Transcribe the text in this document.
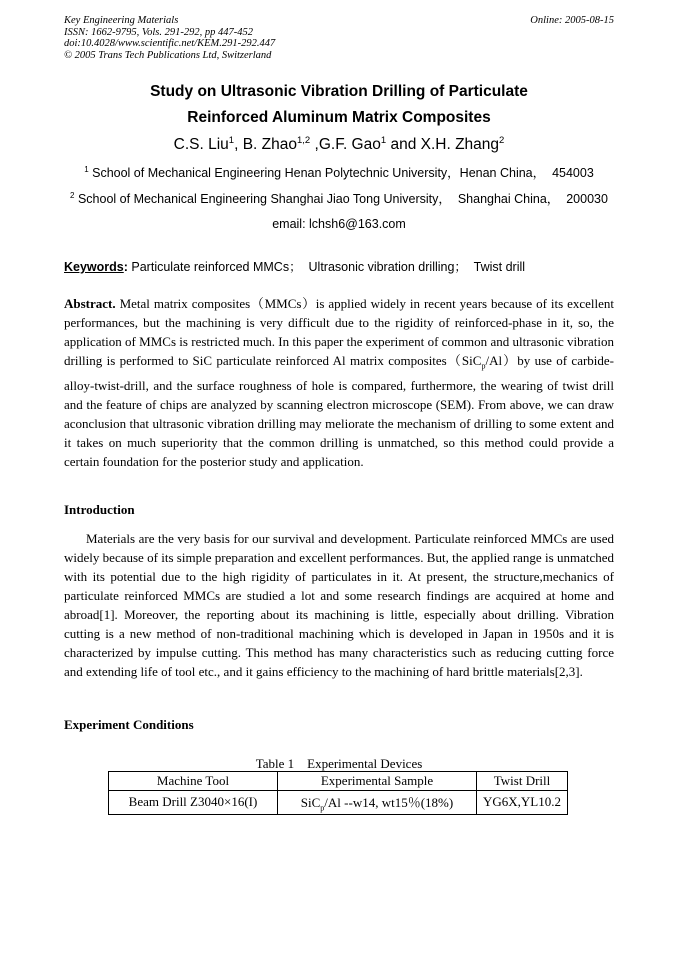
Key Engineering Materials
ISSN: 1662-9795, Vols. 291-292, pp 447-452
doi:10.4028/www.scientific.net/KEM.291-292.447
© 2005 Trans Tech Publications Ltd, Switzerland
Online: 2005-08-15
Study on Ultrasonic Vibration Drilling of Particulate
Reinforced Aluminum Matrix Composites
C.S. Liu$^1$, B. Zhao$^{1,2}$ ,G.F. Gao$^1$ and X.H. Zhang$^2$
$^1$ School of Mechanical Engineering Henan Polytechnic University，Henan China，  454003
$^2$ School of Mechanical Engineering Shanghai Jiao Tong University，  Shanghai China，  200030
email: lchsh6@163.com
Keywords: Particulate reinforced MMCs；  Ultrasonic vibration drilling；  Twist drill
Abstract. Metal matrix composites（MMCs）is applied widely in recent years because of its excellent performances, but the machining is very difficult due to the rigidity of reinforced-phase in it, so, the application of MMCs is restricted much. In this paper the experiment of common and ultrasonic vibration drilling is performed to SiC particulate reinforced Al matrix composites（SiC$_p$/Al）by use of carbide-alloy-twist-drill, and the surface roughness of hole is compared, furthermore, the wearing of twist drill and the feature of chips are analyzed by scanning electron microscope (SEM). From above, we can draw aconclusion that ultrasonic vibration drilling may meliorate the mechanism of drilling to some extent and it takes on much superiority that the common drilling is unmatched, so this method could provide a certain foundation for the posterior study and application.
Introduction

Materials are the very basis for our survival and development. Particulate reinforced MMCs are used widely because of its simple preparation and excellent performances. But, the applied range is unmatched with its potential due to the high rigidity of particulates in it. At present, the structure,mechanics of particulate reinforced MMCs are studied a lot and some research findings are acquired at home and abroad[1]. Moreover, the reporting about its machining is little, especially about drilling. Vibration cutting is a new method of non-traditional machining which is developed in Japan in 1950s and it is characterized by impulse cutting. This method has many characteristics such as reducing cutting force and extending life of tool etc., and it gains efficiency to the machining of hard brittle materials[2,3].

Experiment Conditions
Table 1    Experimental Devices
Machine Tool	Experimental Sample	Twist Drill
Beam Drill Z3040×16(I)	SiC$_p$/Al --w14, wt15％(18%)	YG6X,YL10.2
